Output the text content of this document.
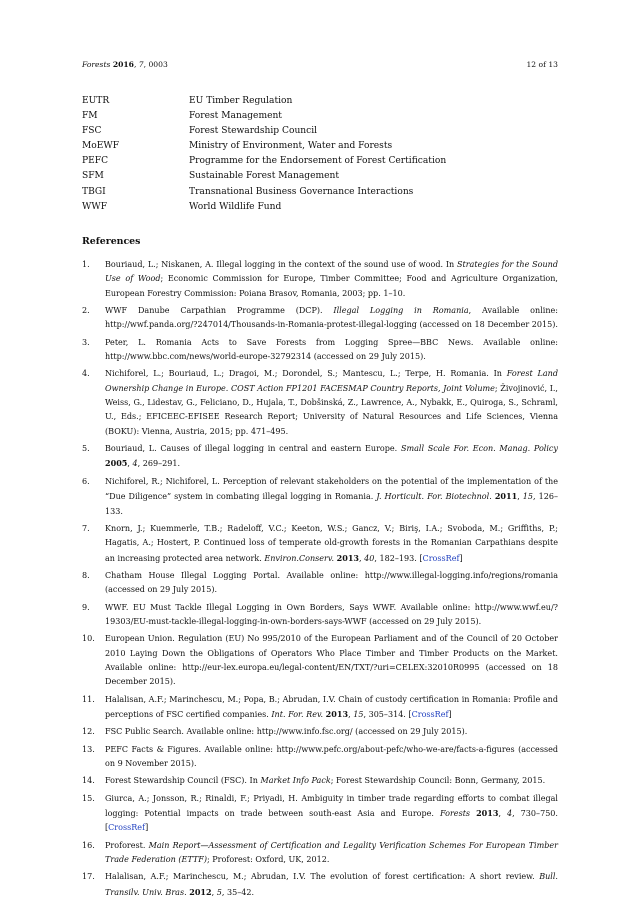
Forests 2016, 7, 0003	12 of 13
EUTR	EU Timber Regulation
FM	Forest Management
FSC	Forest Stewardship Council
MoEWF	Ministry of Environment, Water and Forests
PEFC	Programme for the Endorsement of Forest Certification
SFM	Sustainable Forest Management
TBGI	Transnational Business Governance Interactions
WWF	World Wildlife Fund
References
1.	Bouriaud, L.; Niskanen, A. Illegal logging in the context of the sound use of wood. In Strategies for the Sound Use of Wood; Economic Commission for Europe, Timber Committee; Food and Agriculture Organization, European Forestry Commission: Poiana Brasov, Romania, 2003; pp. 1–10.
2.	WWF Danube Carpathian Programme (DCP). Illegal Logging in Romania, Available online: http://wwf.panda.org/?247014/Thousands-in-Romania-protest-illegal-logging (accessed on 18 December 2015).
3.	Peter, L. Romania Acts to Save Forests from Logging Spree—BBC News. Available online: http://www.bbc.com/news/world-europe-32792314 (accessed on 29 July 2015).
4.	Nichiforel, L.; Bouriaud, L.; Dragoi, M.; Dorondel, S.; Mantescu, L.; Terpe, H. Romania. In Forest Land Ownership Change in Europe. COST Action FP1201 FACESMAP Country Reports, Joint Volume; Živojinović, I., Weiss, G., Lidestav, G., Feliciano, D., Hujala, T., Dobšinská, Z., Lawrence, A., Nybakk, E., Quiroga, S., Schraml, U., Eds.; EFICEEC-EFISEE Research Report; University of Natural Resources and Life Sciences, Vienna (BOKU): Vienna, Austria, 2015; pp. 471–495.
5.	Bouriaud, L. Causes of illegal logging in central and eastern Europe. Small Scale For. Econ. Manag. Policy 2005, 4, 269–291.
6.	Nichiforel, R.; Nichiforel, L. Perception of relevant stakeholders on the potential of the implementation of the “Due Diligence” system in combating illegal logging in Romania. J. Horticult. For. Biotechnol. 2011, 15, 126–133.
7.	Knorn, J.; Kuemmerle, T.B.; Radeloff, V.C.; Keeton, W.S.; Gancz, V.; Biriş, I.A.; Svoboda, M.; Griffiths, P.; Hagatis, A.; Hostert, P. Continued loss of temperate old-growth forests in the Romanian Carpathians despite an increasing protected area network. Environ.Conserv. 2013, 40, 182–193. [CrossRef]
8.	Chatham House Illegal Logging Portal. Available online: http://www.illegal-logging.info/regions/romania (accessed on 29 July 2015).
9.	WWF. EU Must Tackle Illegal Logging in Own Borders, Says WWF. Available online: http://www.wwf.eu/?19303/EU-must-tackle-illegal-logging-in-own-borders-says-WWF (accessed on 29 July 2015).
10.	European Union. Regulation (EU) No 995/2010 of the European Parliament and of the Council of 20 October 2010 Laying Down the Obligations of Operators Who Place Timber and Timber Products on the Market. Available online: http://eur-lex.europa.eu/legal-content/EN/TXT/?uri=CELEX:32010R0995 (accessed on 18 December 2015).
11.	Halalisan, A.F.; Marinchescu, M.; Popa, B.; Abrudan, I.V. Chain of custody certification in Romania: Profile and perceptions of FSC certified companies. Int. For. Rev. 2013, 15, 305–314. [CrossRef]
12.	FSC Public Search. Available online: http://www.info.fsc.org/ (accessed on 29 July 2015).
13.	PEFC Facts & Figures. Available online: http://www.pefc.org/about-pefc/who-we-are/facts-a-figures (accessed on 9 November 2015).
14.	Forest Stewardship Council (FSC). In Market Info Pack; Forest Stewardship Council: Bonn, Germany, 2015.
15.	Giurca, A.; Jonsson, R.; Rinaldi, F.; Priyadi, H. Ambiguity in timber trade regarding efforts to combat illegal logging: Potential impacts on trade between south-east Asia and Europe. Forests 2013, 4, 730–750. [CrossRef]
16.	Proforest. Main Report—Assessment of Certification and Legality Verification Schemes For European Timber Trade Federation (ETTF); Proforest: Oxford, UK, 2012.
17.	Halalisan, A.F.; Marinchescu, M.; Abrudan, I.V. The evolution of forest certification: A short review. Bull. Transilv. Univ. Bras. 2012, 5, 35–42.
